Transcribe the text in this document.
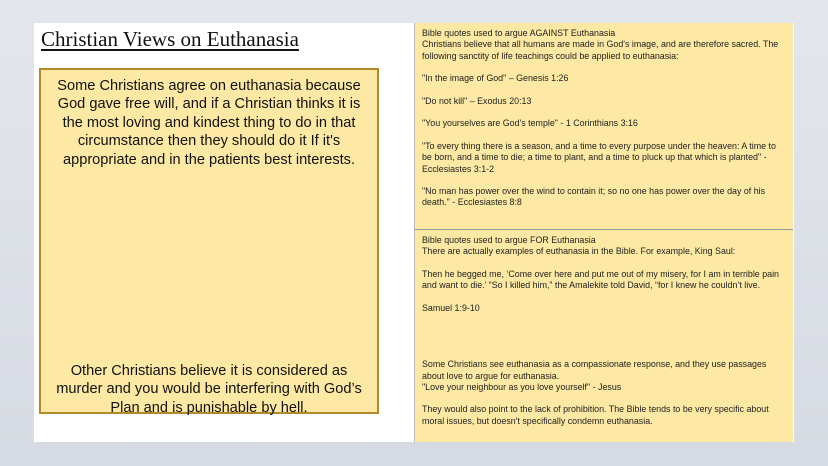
Christian Views on Euthanasia
Some Christians agree on euthanasia because God gave free will, and if a Christian thinks it is the most loving and kindest thing to do in that circumstance then they should do it If it's appropriate and in the patients best interests.
Other Christians believe it is considered as murder and you would be interfering with God’s Plan and is punishable by hell.

Bible quotes used to argue AGAINST Euthanasia

Christians believe that all humans are made in God's image, and are therefore sacred. The following sanctity of life teachings could be applied to euthanasia:

"In the image of God" – Genesis 1:26

"Do not kill" – Exodus 20:13

"You yourselves are God's temple" - 1 Corinthians 3:16

"To every thing there is a season, and a time to every purpose under the heaven: A time to be born, and a time to die; a time to plant, and a time to pluck up that which is planted" - Ecclesiastes 3:1-2

"No man has power over the wind to contain it; so no one has power over the day of his death." - Ecclesiastes 8:8

Bible quotes used to argue FOR Euthanasia

There are actually examples of euthanasia in the Bible. For example, King Saul:

Then he begged me, ‘Come over here and put me out of my misery, for I am in terrible pain and want to die.’ “So I killed him,” the Amalekite told David, “for I knew he couldn’t live.

Samuel 1:9-10

Some Christians see euthanasia as a compassionate response, and they use passages about love to argue for euthanasia.

"Love your neighbour as you love yourself" - Jesus

They would also point to the lack of prohibition. The Bible tends to be very specific about moral issues, but doesn't specifically condemn euthanasia.
